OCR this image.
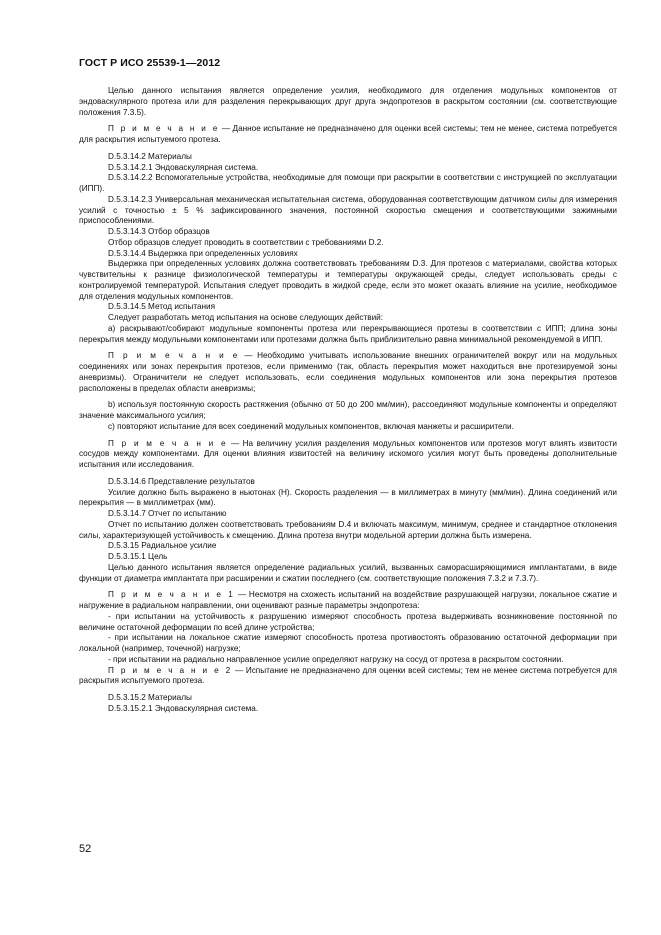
ГОСТ Р ИСО 25539-1—2012

Целью данного испытания является определение усилия, необходимого для отделения модульных компонентов от эндоваскулярного протеза или для разделения перекрывающих друг друга эндопротезов в раскрытом состоянии (см. соответствующие положения 7.3.5).

П р и м е ч а н и е — Данное испытание не предназначено для оценки всей системы; тем не менее, система потребуется для раскрытия испытуемого протеза.

D.5.3.14.2 Материалы

D.5.3.14.2.1 Эндоваскулярная система.

D.5.3.14.2.2 Вспомогательные устройства, необходимые для помощи при раскрытии в соответствии с инструкцией по эксплуатации (ИПП).

D.5.3.14.2.3 Универсальная механическая испытательная система, оборудованная соответствующим датчиком силы для измерения усилий с точностью ± 5 % зафиксированного значения, постоянной скоростью смещения и соответствующими зажимными приспособлениями.

D.5.3.14.3 Отбор образцов

Отбор образцов следует проводить в соответствии с требованиями D.2.

D.5.3.14.4 Выдержка при определенных условиях

Выдержка при определенных условиях должна соответствовать требованиям D.3. Для протезов с материалами, свойства которых чувствительны к разнице физиологической температуры и температуры окружающей среды, следует использовать среды с контролируемой температурой. Испытания следует проводить в жидкой среде, если это может оказать влияние на усилие, необходимое для отделения модульных компонентов.

D.5.3.14.5 Метод испытания

Следует разработать метод испытания на основе следующих действий:

а) раскрывают/собирают модульные компоненты протеза или перекрывающиеся протезы в соответствии с ИПП; длина зоны перекрытия между модульными компонентами или протезами должна быть приблизительно равна минимальной рекомендуемой в ИПП.

П р и м е ч а н и е — Необходимо учитывать использование внешних ограничителей вокруг или на модульных соединениях или зонах перекрытия протезов, если применимо (так, область перекрытия может находиться вне протезируемой зоны аневризмы). Ограничители не следует использовать, если соединения модульных компонентов или зона перекрытия протезов расположены в пределах области аневризмы;

b) используя постоянную скорость растяжения (обычно от 50 до 200 мм/мин), рассоединяют модульные компоненты и определяют значение максимального усилия;

с) повторяют испытание для всех соединений модульных компонентов, включая манжеты и расширители.

П р и м е ч а н и е — На величину усилия разделения модульных компонентов или протезов могут влиять извитости сосудов между компонентами. Для оценки влияния извитостей на величину искомого усилия могут быть проведены дополнительные испытания или исследования.

D.5.3.14.6 Представление результатов

Усилие должно быть выражено в ньютонах (Н). Скорость разделения — в миллиметрах в минуту (мм/мин). Длина соединений или перекрытия — в миллиметрах (мм).

D.5.3.14.7 Отчет по испытанию

Отчет по испытанию должен соответствовать требованиям D.4 и включать максимум, минимум, среднее и стандартное отклонения силы, характеризующей устойчивость к смещению. Длина протеза внутри модельной артерии должна быть измерена.

D.5.3.15 Радиальное усилие

D.5.3.15.1 Цель

Целью данного испытания является определение радиальных усилий, вызванных саморасширяющимися имплантатами, в виде функции от диаметра имплантата при расширении и сжатии последнего (см. соответствующие положения 7.3.2 и 7.3.7).

П р и м е ч а н и е 1 — Несмотря на схожесть испытаний на воздействие разрушающей нагрузки, локальное сжатие и нагружение в радиальном направлении, они оценивают разные параметры эндопротеза:

- при испытании на устойчивость к разрушению измеряют способность протеза выдерживать возникновение постоянной по величине остаточной деформации по всей длине устройства;

- при испытании на локальное сжатие измеряют способность протеза противостоять образованию остаточной деформации при локальной (например, точечной) нагрузке;

- при испытании на радиально направленное усилие определяют нагрузку на сосуд от протеза в раскрытом состоянии.

П р и м е ч а н и е 2 — Испытание не предназначено для оценки всей системы; тем не менее система потребуется для раскрытия испытуемого протеза.

D.5.3.15.2 Материалы

D.5.3.15.2.1 Эндоваскулярная система.

52
